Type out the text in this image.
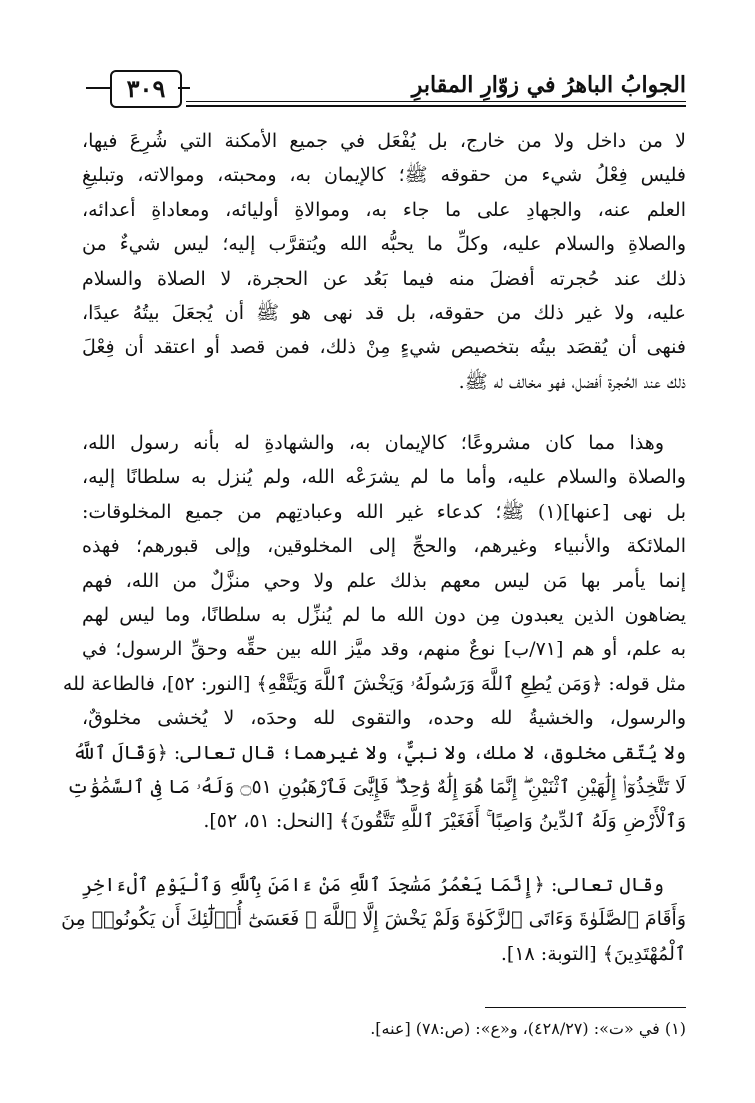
الجوابُ الباهرُ في زوّارِ المقابرِ
٣٠٩
لا من داخل ولا من خارج، بل يُفْعَل في جميع الأمكنة التي شُرِعَ فيها،
فليس فِعْلُ شيء من حقوقه ﷺ؛ كالإيمان به، ومحبته، وموالاته، وتبليغِ
العلم عنه، والجهادِ على ما جاء به، وموالاةِ أوليائه، ومعاداةِ أعدائه،
والصلاةِ والسلام عليه، وكلِّ ما يحبُّه الله ويُتقرَّب إليه؛ ليس شيءٌ من
ذلك عند حُجرته أفضلَ منه فيما بَعُد عن الحجرة، لا الصلاة والسلام
عليه، ولا غير ذلك من حقوقه، بل قد نهى هو ﷺ أن يُجعَلَ بيتُهُ عيدًا،
فنهى أن يُقصَد بيتُه بتخصيص شيءٍ مِنْ ذلك، فمن قصد أو اعتقد أن فِعْلَ
ذلك عند الحُجرة أفضل، فهو مخالف له ﷺ.
وهذا مما كان مشروعًا؛ كالإيمان به، والشهادةِ له بأنه رسول الله،
والصلاة والسلام عليه، وأما ما لم يشرَعْه الله، ولم يُنزل به سلطانًا إليه،
بل نهى [عنها](١) ﷺ؛ كدعاء غير الله وعبادتِهم من جميع المخلوقات:
الملائكة والأنبياء وغيرهم، والحجِّ إلى المخلوقين، وإلى قبورهم؛ فهذه
إنما يأمر بها مَن ليس معهم بذلك علم ولا وحي منزَّلٌ من الله، فهم
يضاهون الذين يعبدون مِن دون الله ما لم يُنزِّل به سلطانًا، وما ليس لهم
به علم، أو هم [٧١/ب] نوعٌ منهم، وقد ميَّز الله بين حقِّه وحقِّ الرسول؛ في
مثل قوله: ﴿وَمَن يُطِعِ ٱللَّهَ وَرَسُولَهُۥ وَيَخْشَ ٱللَّهَ وَيَتَّقْهِ﴾ [النور: ٥٢]، فالطاعة لله
والرسول، والخشيةُ لله وحده، والتقوى لله وحدَه، لا يُخشى مخلوقٌ،
ولا يُتّقى مخلوق، لا ملك، ولا نبيٌّ، ولا غيرهما؛ قال تعالى: ﴿وَقَالَ ٱللَّهُ
لَا تَتَّخِذُوٓا۟ إِلَٰهَيْنِ ٱثْنَيْنِ ۖ إِنَّمَا هُوَ إِلَٰهٌ وَٰحِدٌ ۖ فَإِيَّٰىَ فَٱرْهَبُونِ ۝٥١ وَلَهُۥ مَا فِى ٱلسَّمَٰوَٰتِ
وَٱلْأَرْضِ وَلَهُ ٱلدِّينُ وَاصِبًا ۚ أَفَغَيْرَ ٱللَّهِ تَتَّقُونَ﴾ [النحل: ٥١، ٥٢].
وقال تعالى: ﴿إِنَّمَا يَعْمُرُ مَسَٰجِدَ ٱللَّهِ مَنْ ءَامَنَ بِٱللَّهِ وَٱلْيَوْمِ ٱلْءَاخِرِ
وَأَقَامَ ٱلصَّلَوٰةَ وَءَاتَى ٱلزَّكَوٰةَ وَلَمْ يَخْشَ إِلَّا ٱللَّهَ ۖ فَعَسَىٰٓ أُو۟لَٰٓئِكَ أَن يَكُونُوا۟ مِنَ
ٱلْمُهْتَدِينَ﴾ [التوبة: ١٨].
(١) في «ت»: (٤٢٨/٢٧)، و«ع»: (ص:٧٨) [عنه].
